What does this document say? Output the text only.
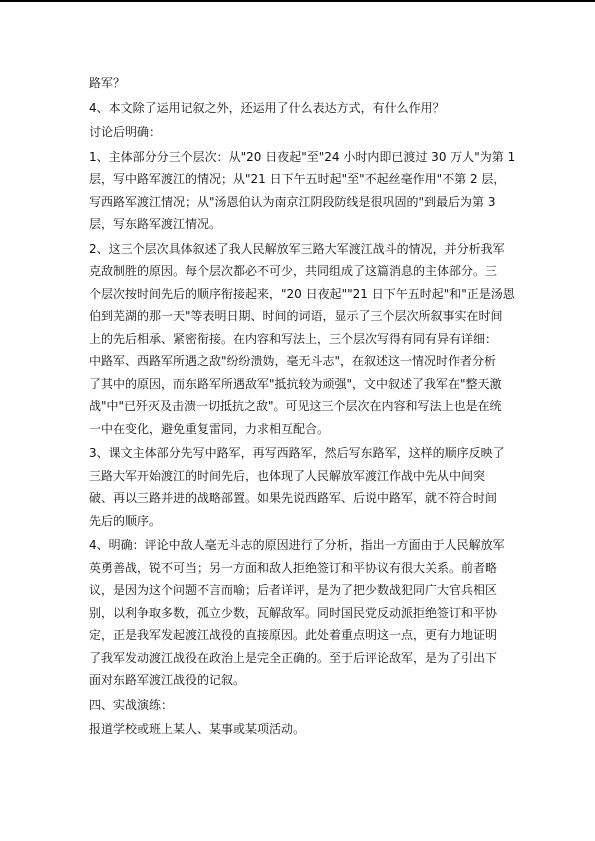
路军？
4、本文除了运用记叙之外，还运用了什么表达方式，有什么作用？
讨论后明确：
1、主体部分分三个层次：从"20 日夜起"至"24 小时内即已渡过 30 万人"为第 1
层，写中路军渡江的情况；从"21 日下午五时起"至"不起丝毫作用"不第 2 层，
写西路军渡江情况；从"汤恩伯认为南京江阴段防线是很巩固的"到最后为第 3
层，写东路军渡江情况。
2、这三个层次具体叙述了我人民解放军三路大军渡江战斗的情况，并分析我军
克敌制胜的原因。每个层次都必不可少，共同组成了这篇消息的主体部分。三
个层次按时间先后的顺序衔接起来，"20 日夜起""21 日下午五时起"和"正是汤恩
伯到芜湖的那一天"等表明日期、时间的词语，显示了三个层次所叙事实在时间
上的先后相承、紧密衔接。在内容和写法上，三个层次写得有同有异有详细：
中路军、西路军所遇之敌"纷纷溃妫，毫无斗志"，在叙述这一情况时作者分析
了其中的原因，而东路军所遇敌军"抵抗较为顽强"，文中叙述了我军在"整天激
战"中"已歼灭及击溃一切抵抗之敌"。可见这三个层次在内容和写法上也是在统
一中在变化，避免重复雷同，力求相互配合。
3、课文主体部分先写中路军，再写西路军，然后写东路军，这样的顺序反映了
三路大军开始渡江的时间先后，也体现了人民解放军渡江作战中先从中间突
破、再以三路并进的战略部置。如果先说西路军、后说中路军，就不符合时间
先后的顺序。
4、明确：评论中敌人毫无斗志的原因进行了分析，指出一方面由于人民解放军
英勇善战，锐不可当；另一方面和敌人拒绝签订和平协议有很大关系。前者略
议，是因为这个问题不言而喻；后者详评，是为了把少数战犯同广大官兵相区
别，以利争取多数，孤立少数，瓦解敌军。同时国民党反动派拒绝签订和平协
定，正是我军发起渡江战役的直接原因。此处着重点明这一点，更有力地证明
了我军发动渡江战役在政治上是完全正确的。至于后评论敌军，是为了引出下
面对东路军渡江战役的记叙。
四、实战演练：
报道学校或班上某人、某事或某项活动。
